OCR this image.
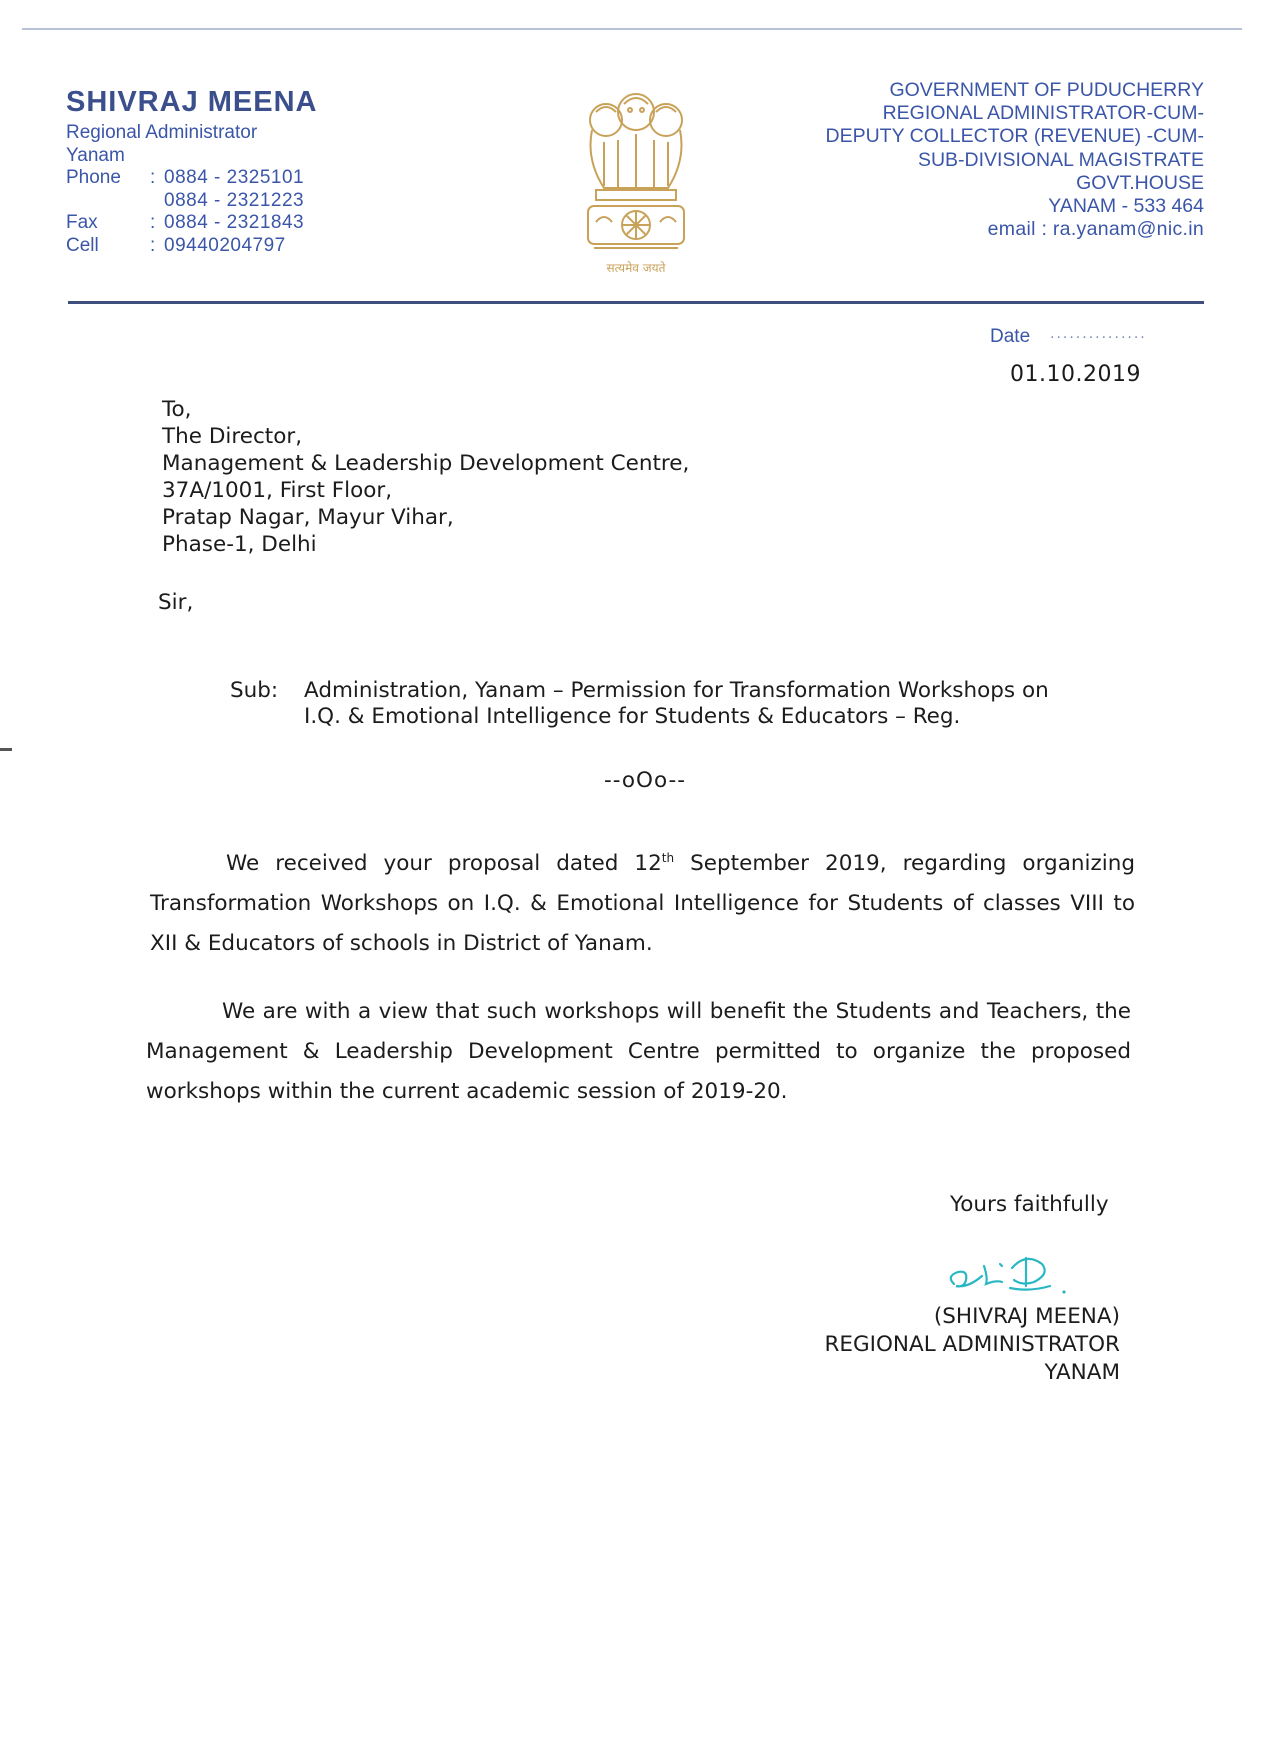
SHIVRAJ MEENA
Regional Administrator
Yanam
Phone	: 0884 - 2325101
0884 - 2321223
Fax	: 0884 - 2321843
Cell	: 09440204797
सत्यमेव जयते
GOVERNMENT OF PUDUCHERRY
REGIONAL ADMINISTRATOR-CUM-
DEPUTY COLLECTOR (REVENUE) -CUM-
SUB-DIVISIONAL MAGISTRATE
GOVT.HOUSE
YANAM - 533 464
email : ra.yanam@nic.in
Date ...............
01.10.2019
To,
The Director,
Management & Leadership Development Centre,
37A/1001, First Floor,
Pratap Nagar, Mayur Vihar,
Phase-1, Delhi
Sir,
Sub: Administration, Yanam – Permission for Transformation Workshops on
I.Q. & Emotional Intelligence for Students & Educators – Reg.
--oOo--
We received your proposal dated 12th September 2019, regarding organizing Transformation Workshops on I.Q. & Emotional Intelligence for Students of classes VIII to XII & Educators of schools in District of Yanam.
We are with a view that such workshops will benefit the Students and Teachers, the Management & Leadership Development Centre permitted to organize the proposed workshops within the current academic session of 2019-20.
Yours faithfully
(SHIVRAJ MEENA)
REGIONAL ADMINISTRATOR
YANAM
